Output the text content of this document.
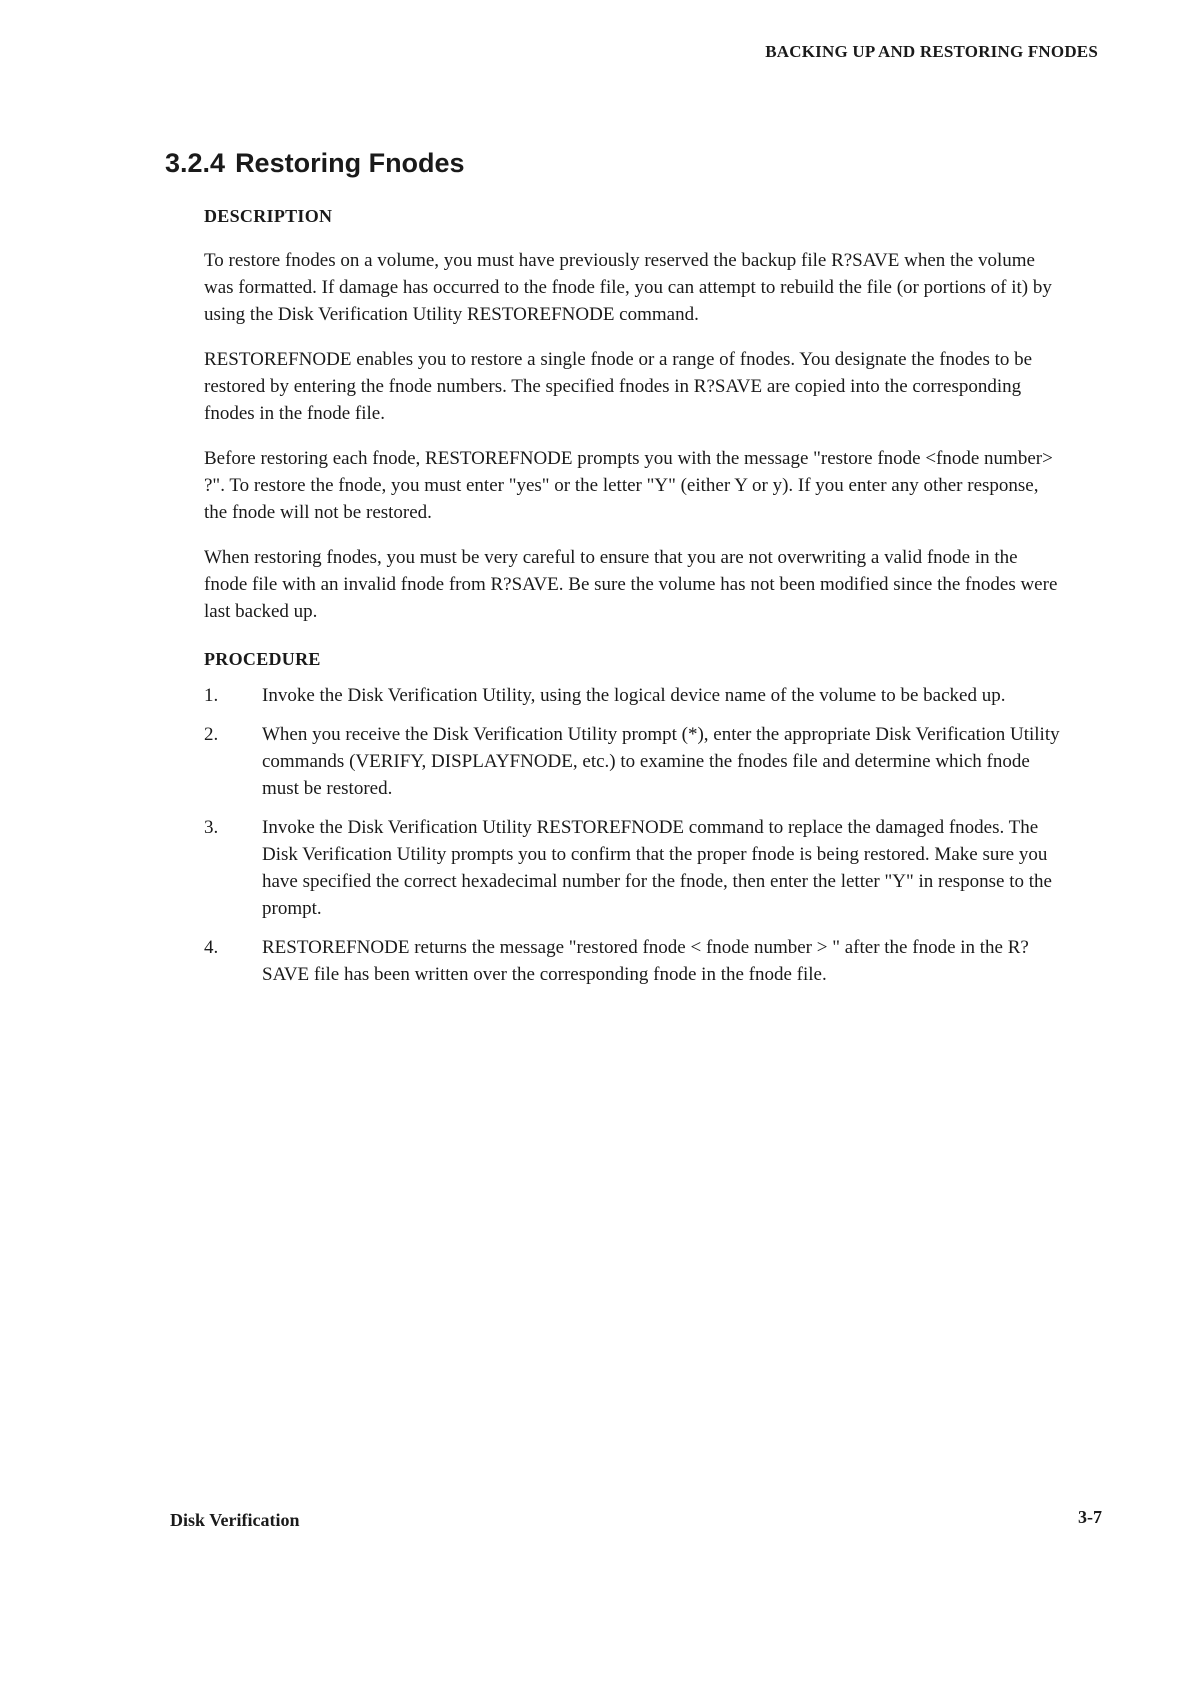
BACKING UP AND RESTORING FNODES
3.2.4 Restoring Fnodes
DESCRIPTION

To restore fnodes on a volume, you must have previously reserved the backup file R?SAVE when the volume was formatted. If damage has occurred to the fnode file, you can attempt to rebuild the file (or portions of it) by using the Disk Verification Utility RESTOREFNODE command.

RESTOREFNODE enables you to restore a single fnode or a range of fnodes. You designate the fnodes to be restored by entering the fnode numbers. The specified fnodes in R?SAVE are copied into the corresponding fnodes in the fnode file.

Before restoring each fnode, RESTOREFNODE prompts you with the message "restore fnode <fnode number> ?". To restore the fnode, you must enter "yes" or the letter "Y" (either Y or y). If you enter any other response, the fnode will not be restored.

When restoring fnodes, you must be very careful to ensure that you are not overwriting a valid fnode in the fnode file with an invalid fnode from R?SAVE. Be sure the volume has not been modified since the fnodes were last backed up.

PROCEDURE
1.	Invoke the Disk Verification Utility, using the logical device name of the volume to be backed up.
2.	When you receive the Disk Verification Utility prompt (*), enter the appropriate Disk Verification Utility commands (VERIFY, DISPLAYFNODE, etc.) to examine the fnodes file and determine which fnode must be restored.
3.	Invoke the Disk Verification Utility RESTOREFNODE command to replace the damaged fnodes. The Disk Verification Utility prompts you to confirm that the proper fnode is being restored. Make sure you have specified the correct hexadecimal number for the fnode, then enter the letter "Y" in response to the prompt.
4.	RESTOREFNODE returns the message "restored fnode < fnode number > " after the fnode in the R?SAVE file has been written over the corresponding fnode in the fnode file.
Disk Verification	3-7
